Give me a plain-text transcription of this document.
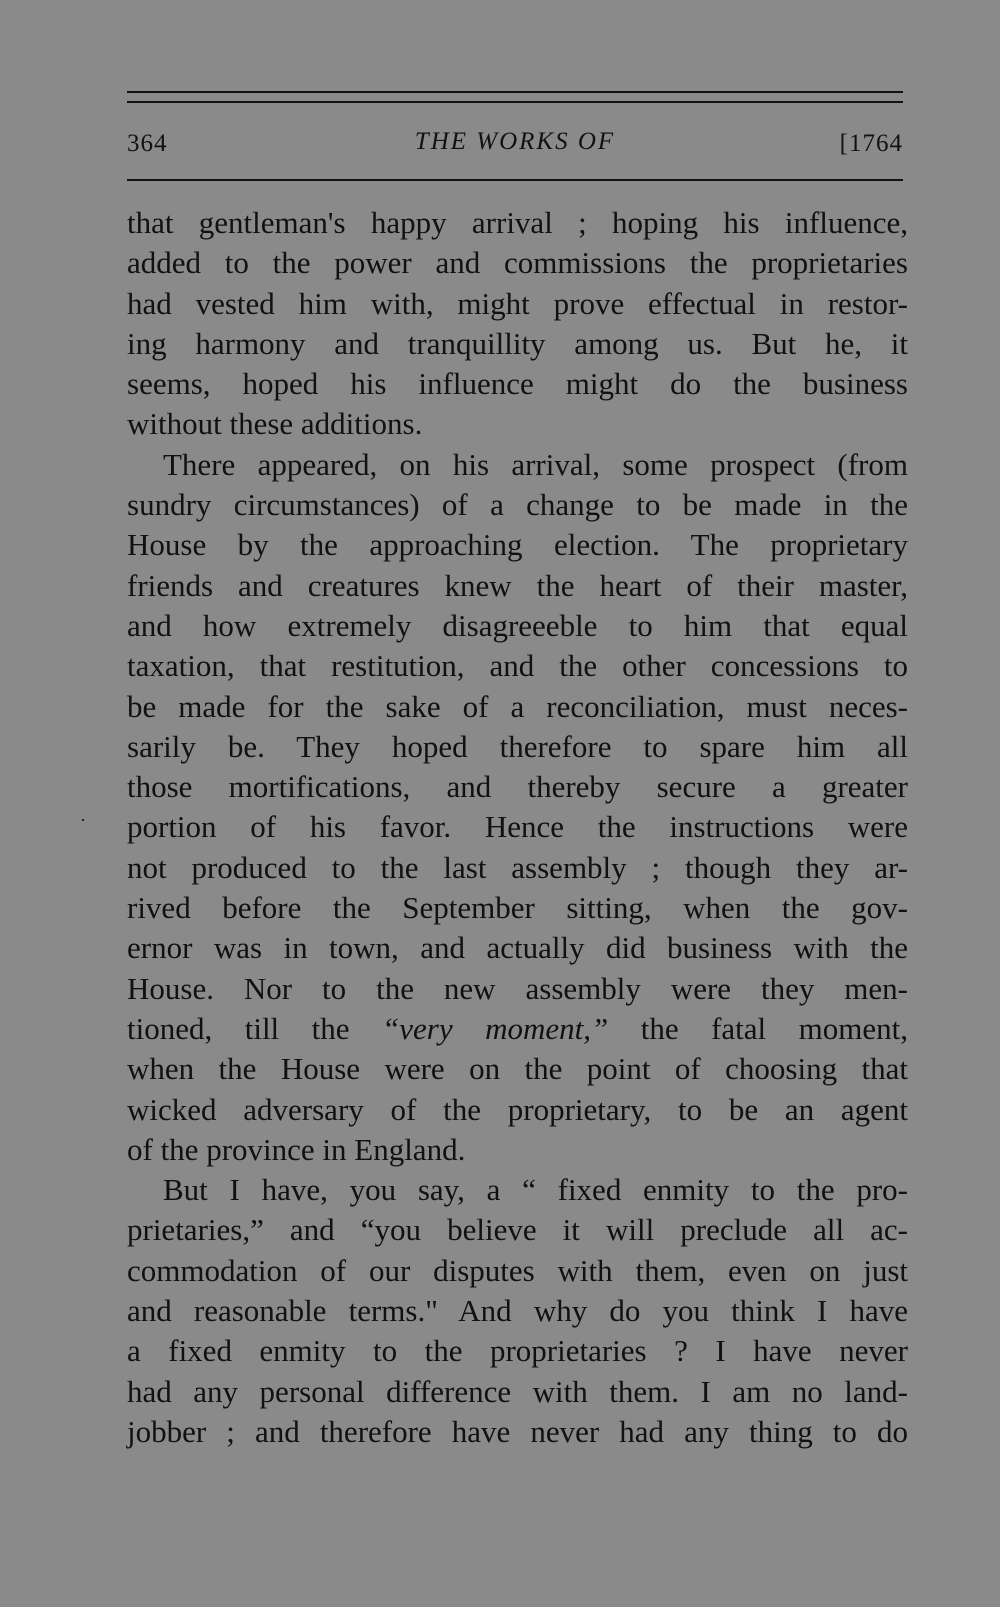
364	THE WORKS OF	[1764
that gentleman's happy arrival ; hoping his influence,
added to the power and commissions the proprietaries
had vested him with, might prove effectual in restor-
ing harmony and tranquillity among us. But he, it
seems, hoped his influence might do the business
without these additions.
There appeared, on his arrival, some prospect (from
sundry circumstances) of a change to be made in the
House by the approaching election. The proprietary
friends and creatures knew the heart of their master,
and how extremely disagreeeble to him that equal
taxation, that restitution, and the other concessions to
be made for the sake of a reconciliation, must neces-
sarily be. They hoped therefore to spare him all
those mortifications, and thereby secure a greater
portion of his favor. Hence the instructions were
not produced to the last assembly ; though they ar-
rived before the September sitting, when the gov-
ernor was in town, and actually did business with the
House. Nor to the new assembly were they men-
tioned, till the “very moment,” the fatal moment,
when the House were on the point of choosing that
wicked adversary of the proprietary, to be an agent
of the province in England.
But I have, you say, a “ fixed enmity to the pro-
prietaries,” and “you believe it will preclude all ac-
commodation of our disputes with them, even on just
and reasonable terms." And why do you think I have
a fixed enmity to the proprietaries ? I have never
had any personal difference with them. I am no land-
jobber ; and therefore have never had any thing to do
